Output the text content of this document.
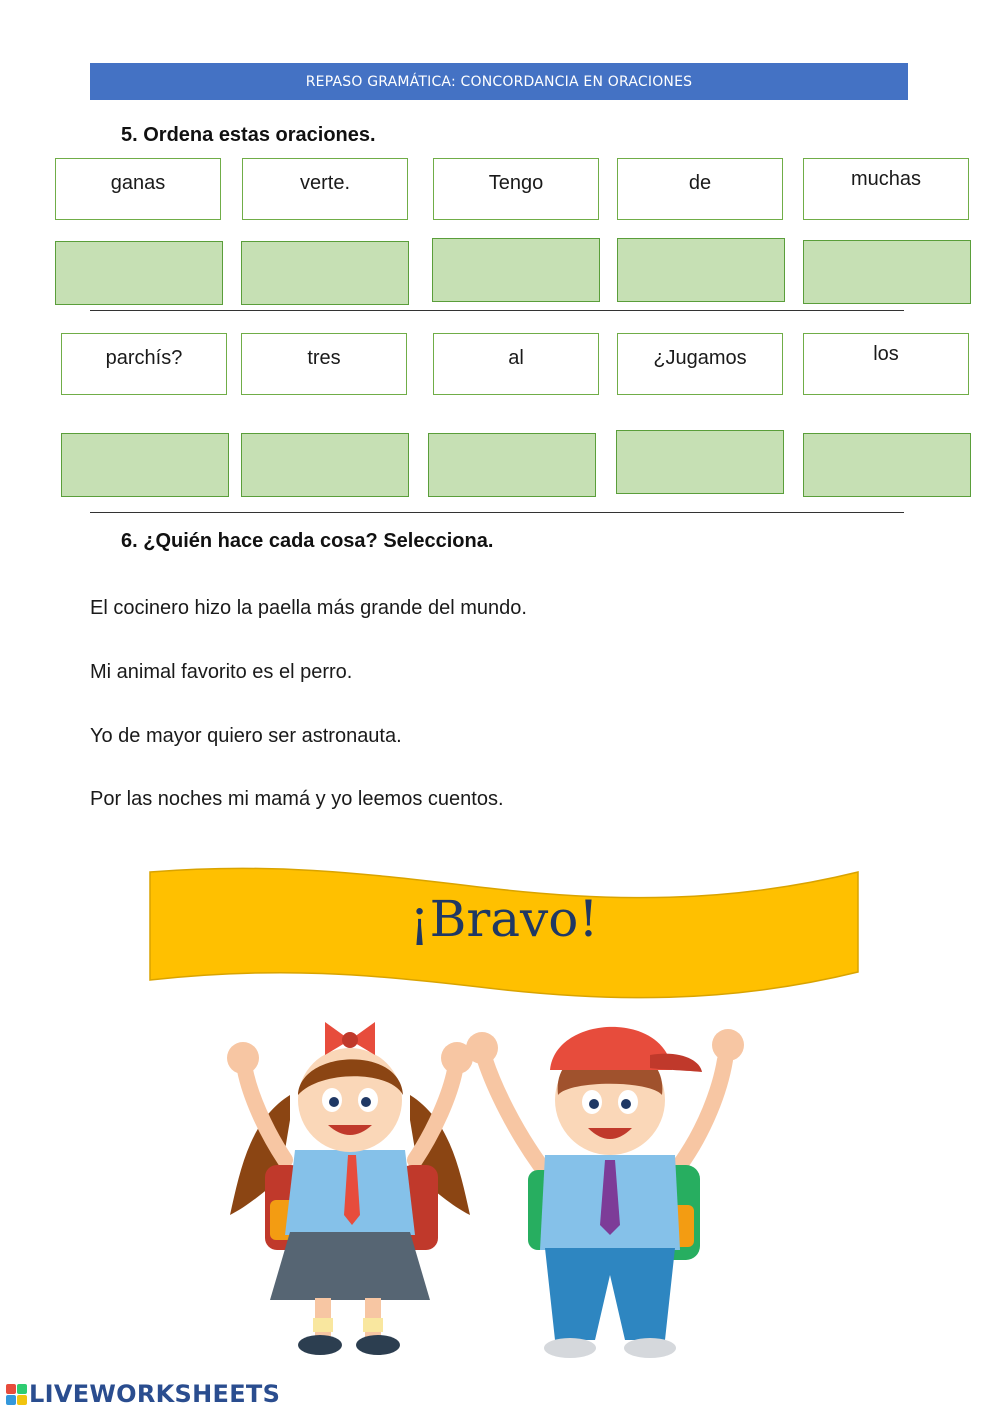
REPASO GRAMÁTICA: CONCORDANCIA EN ORACIONES
5. Ordena estas oraciones.
ganas	verte.	Tengo	de	muchas
parchís?	tres	al	¿Jugamos	los
6. ¿Quién hace cada cosa? Selecciona.
El cocinero hizo la paella más grande del mundo.
Mi animal favorito es el perro.
Yo de mayor quiero ser astronauta.
Por las noches mi mamá y yo leemos cuentos.
¡Bravo!
LIVEWORKSHEETS
